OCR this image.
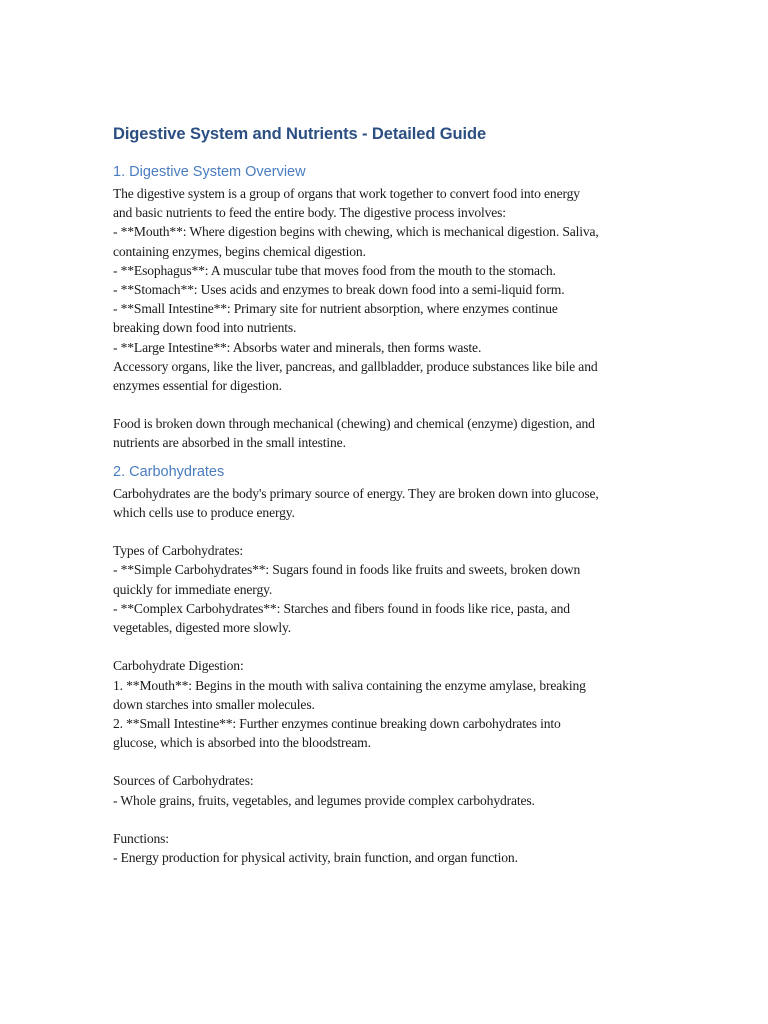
Digestive System and Nutrients - Detailed Guide
1. Digestive System Overview
The digestive system is a group of organs that work together to convert food into energy
and basic nutrients to feed the entire body. The digestive process involves:
- **Mouth**: Where digestion begins with chewing, which is mechanical digestion. Saliva,
containing enzymes, begins chemical digestion.
- **Esophagus**: A muscular tube that moves food from the mouth to the stomach.
- **Stomach**: Uses acids and enzymes to break down food into a semi-liquid form.
- **Small Intestine**: Primary site for nutrient absorption, where enzymes continue
breaking down food into nutrients.
- **Large Intestine**: Absorbs water and minerals, then forms waste.
Accessory organs, like the liver, pancreas, and gallbladder, produce substances like bile and
enzymes essential for digestion.
Food is broken down through mechanical (chewing) and chemical (enzyme) digestion, and
nutrients are absorbed in the small intestine.
2. Carbohydrates
Carbohydrates are the body's primary source of energy. They are broken down into glucose,
which cells use to produce energy.
Types of Carbohydrates:
- **Simple Carbohydrates**: Sugars found in foods like fruits and sweets, broken down
quickly for immediate energy.
- **Complex Carbohydrates**: Starches and fibers found in foods like rice, pasta, and
vegetables, digested more slowly.
Carbohydrate Digestion:
1. **Mouth**: Begins in the mouth with saliva containing the enzyme amylase, breaking
down starches into smaller molecules.
2. **Small Intestine**: Further enzymes continue breaking down carbohydrates into
glucose, which is absorbed into the bloodstream.
Sources of Carbohydrates:
- Whole grains, fruits, vegetables, and legumes provide complex carbohydrates.
Functions:
- Energy production for physical activity, brain function, and organ function.
